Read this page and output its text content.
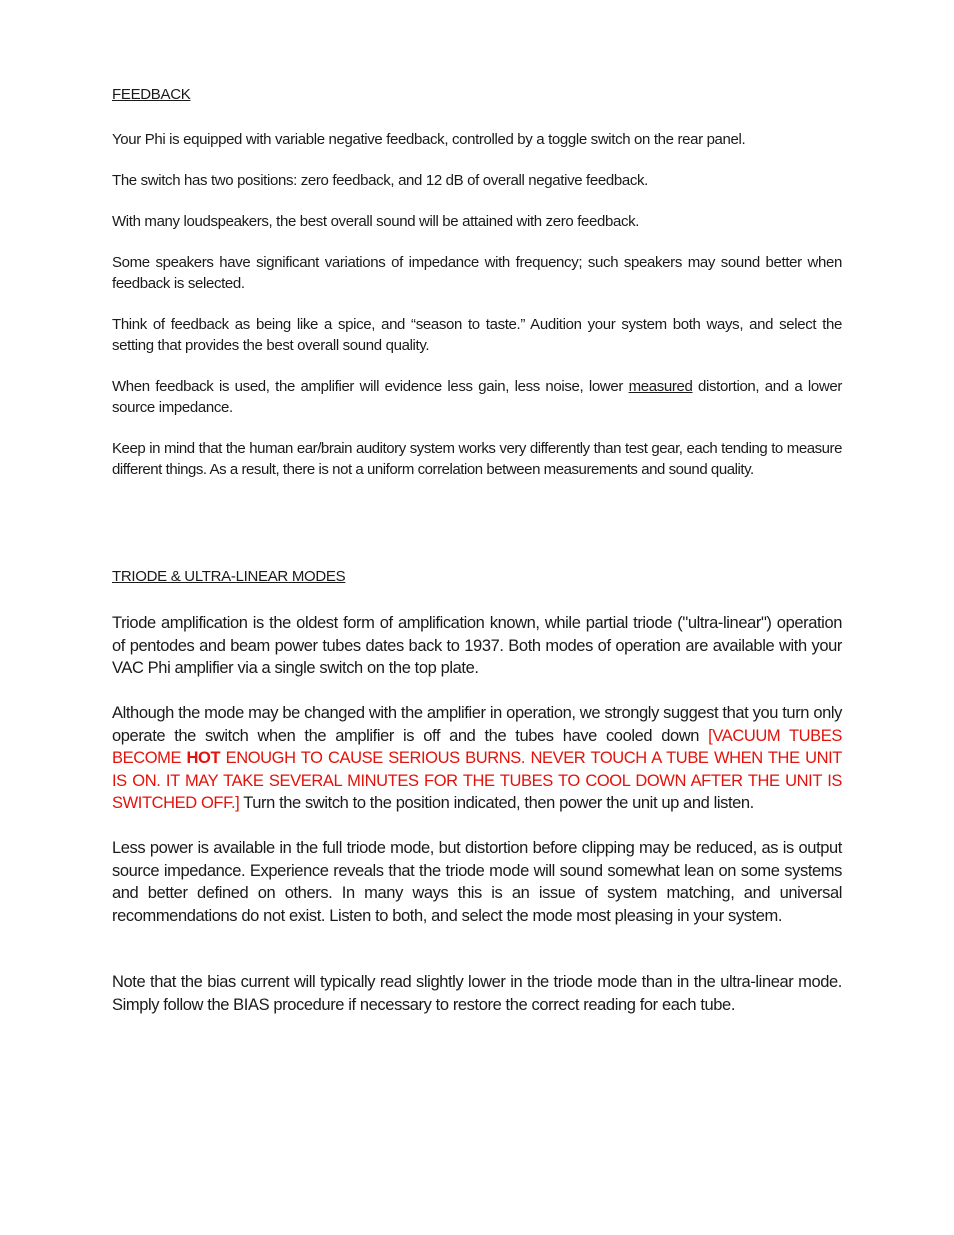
FEEDBACK

Your Phi is equipped with variable negative feedback, controlled by a toggle switch on the rear panel.

The switch has two positions: zero feedback, and 12 dB of overall negative feedback.

With many loudspeakers, the best overall sound will be attained with zero feedback.

Some speakers have significant variations of impedance with frequency; such speakers may sound better when feedback is selected.

Think of feedback as being like a spice, and “season to taste.” Audition your system both ways, and select the setting that provides the best overall sound quality.

When feedback is used, the amplifier will evidence less gain, less noise, lower measured distortion, and a lower source impedance.

Keep in mind that the human ear/brain auditory system works very differently than test gear, each tending to measure different things. As a result, there is not a uniform correlation between measurements and sound quality.

TRIODE & ULTRA-LINEAR MODES

Triode amplification is the oldest form of amplification known, while partial triode ("ultra-linear") operation of pentodes and beam power tubes dates back to 1937. Both modes of operation are available with your VAC Phi amplifier via a single switch on the top plate.

Although the mode may be changed with the amplifier in operation, we strongly suggest that you turn only operate the switch when the amplifier is off and the tubes have cooled down [VACUUM TUBES BECOME HOT ENOUGH TO CAUSE SERIOUS BURNS. NEVER TOUCH A TUBE WHEN THE UNIT IS ON. IT MAY TAKE SEVERAL MINUTES FOR THE TUBES TO COOL DOWN AFTER THE UNIT IS SWITCHED OFF.] Turn the switch to the position indicated, then power the unit up and listen.

Less power is available in the full triode mode, but distortion before clipping may be reduced, as is output source impedance. Experience reveals that the triode mode will sound somewhat lean on some systems and better defined on others. In many ways this is an issue of system matching, and universal recommendations do not exist. Listen to both, and select the mode most pleasing in your system.

Note that the bias current will typically read slightly lower in the triode mode than in the ultra-linear mode. Simply follow the BIAS procedure if necessary to restore the correct reading for each tube.
